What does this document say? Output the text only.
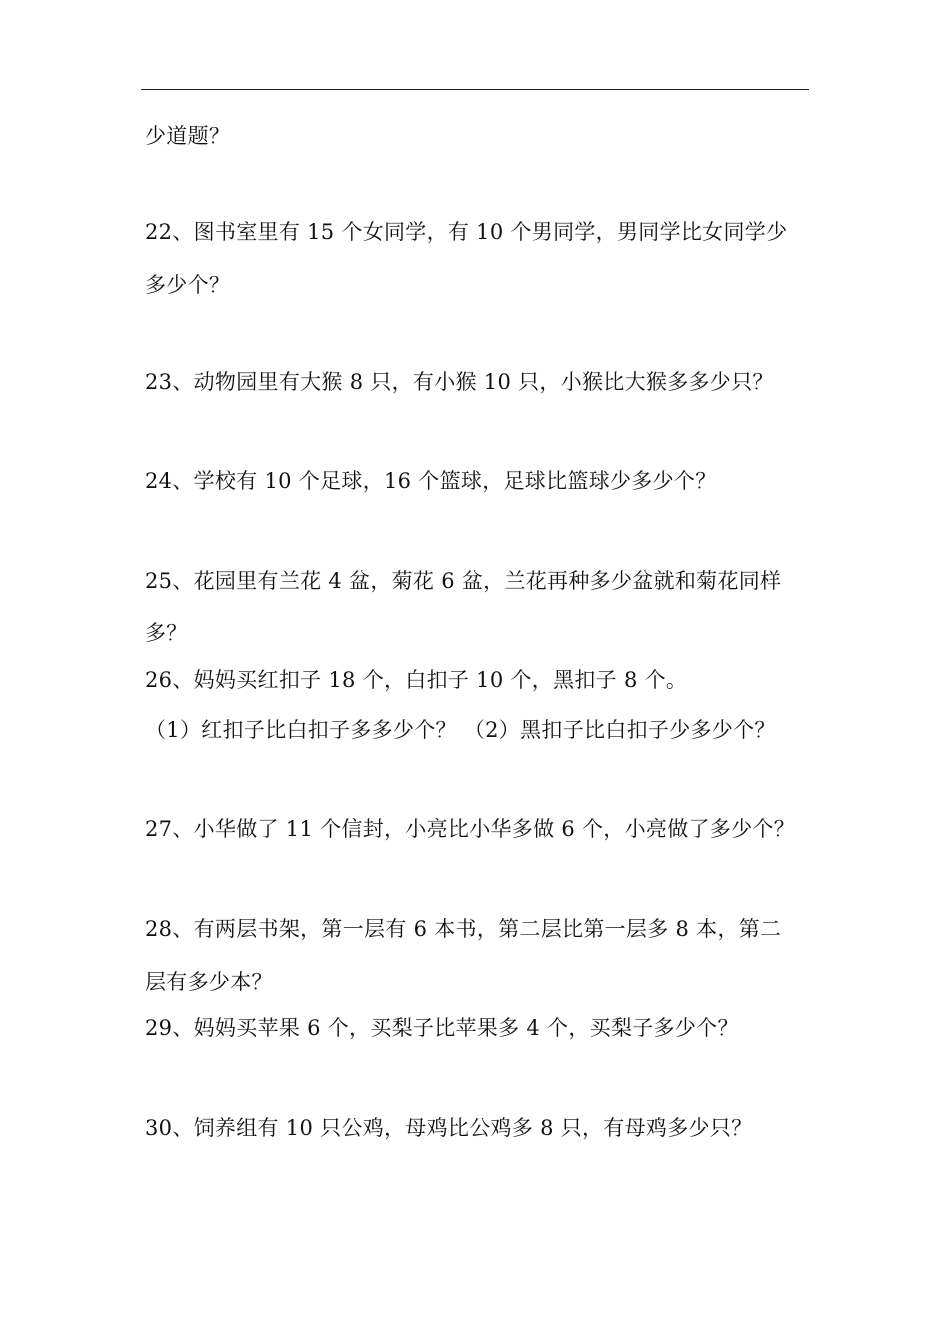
少道题？
22、图书室里有 15 个女同学，有 10 个男同学，男同学比女同学少
多少个？
23、动物园里有大猴 8 只，有小猴 10 只，小猴比大猴多多少只？
24、学校有 10 个足球，16 个篮球，足球比篮球少多少个？
25、花园里有兰花 4 盆，菊花 6 盆，兰花再种多少盆就和菊花同样
多？
26、妈妈买红扣子 18 个，白扣子 10 个，黑扣子 8 个。
（1）红扣子比白扣子多多少个？ （2）黑扣子比白扣子少多少个？
27、小华做了 11 个信封，小亮比小华多做 6 个，小亮做了多少个？
28、有两层书架，第一层有 6 本书，第二层比第一层多 8 本，第二
层有多少本？
29、妈妈买苹果 6 个，买梨子比苹果多 4 个，买梨子多少个？
30、饲养组有 10 只公鸡，母鸡比公鸡多 8 只，有母鸡多少只？
